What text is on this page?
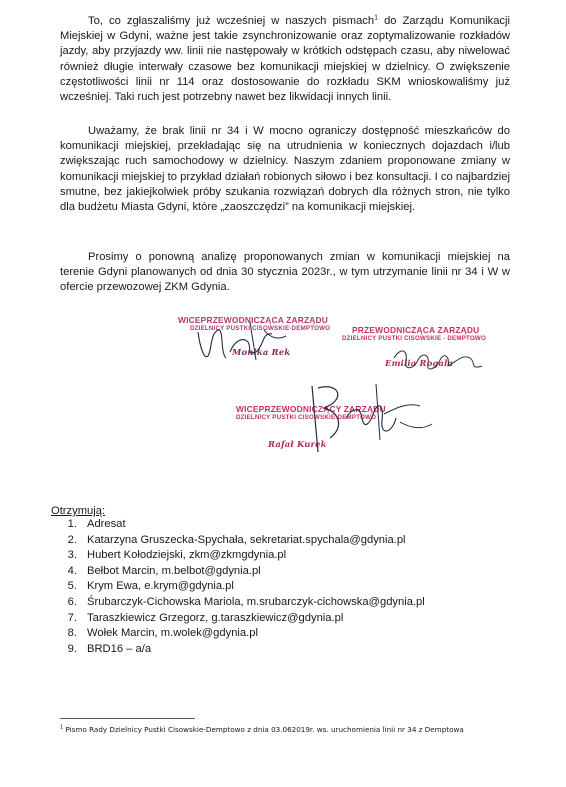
To, co zgłaszaliśmy już wcześniej w naszych pismach$^1$ do Zarządu Komunikacji Miejskiej w Gdyni, ważne jest takie zsynchronizowanie oraz zoptymalizowanie rozkładów jazdy, aby przyjazdy ww. linii nie następowały w krótkich odstępach czasu, aby niwelować również długie interwały czasowe bez komunikacji miejskiej w dzielnicy. O zwiększenie częstotliwości linii nr 114 oraz dostosowanie do rozkładu SKM wnioskowaliśmy już wcześniej. Taki ruch jest potrzebny nawet bez likwidacji innych linii.

Uważamy, że brak linii nr 34 i W mocno ograniczy dostępność mieszkańców do komunikacji miejskiej, przekładając się na utrudnienia w koniecznych dojazdach i/lub zwiększając ruch samochodowy w dzielnicy. Naszym zdaniem proponowane zmiany w komunikacji miejskiej to przykład działań robionych siłowo i bez konsultacji. I co najbardziej smutne, bez jakiejkolwiek próby szukania rozwiązań dobrych dla różnych stron, nie tylko dla budżetu Miasta Gdyni, które „zaoszczędzi” na komunikacji miejskiej.

Prosimy o ponowną analizę proponowanych zmian w komunikacji miejskiej na terenie Gdyni planowanych od dnia 30 stycznia 2023r., w tym utrzymanie linii nr 34 i W w ofercie przewozowej ZKM Gdynia.

WICEPRZEWODNICZĄCA ZARZĄDU
DZIELNICY PUSTKI CISOWSKIE-DEMPTOWO
Monika Rek
PRZEWODNICZĄCA ZARZĄDU
DZIELNICY PUSTKI CISOWSKIE - DEMPTOWO
Emilia Rogala
WICEPRZEWODNICZĄCY ZARZĄDU
DZIELNICY PUSTKI CISOWSKIE-DEMPTOWO
Rafał Kurek
Otrzymują:
1. Adresat
2. Katarzyna Gruszecka-Spychała, sekretariat.spychala@gdynia.pl
3. Hubert Kołodziejski, zkm@zkmgdynia.pl
4. Bełbot Marcin, m.belbot@gdynia.pl
5. Krym Ewa, e.krym@gdynia.pl
6. Śrubarczyk-Cichowska Mariola, m.srubarczyk-cichowska@gdynia.pl
7. Taraszkiewicz Grzegorz, g.taraszkiewicz@gdynia.pl
8. Wołek Marcin, m.wolek@gdynia.pl
9. BRD16 – a/a
$^1$ Pismo Rady Dzielnicy Pustki Cisowskie-Demptowo z dnia 03.062019r. ws. uruchomienia linii nr 34 z Demptowa
